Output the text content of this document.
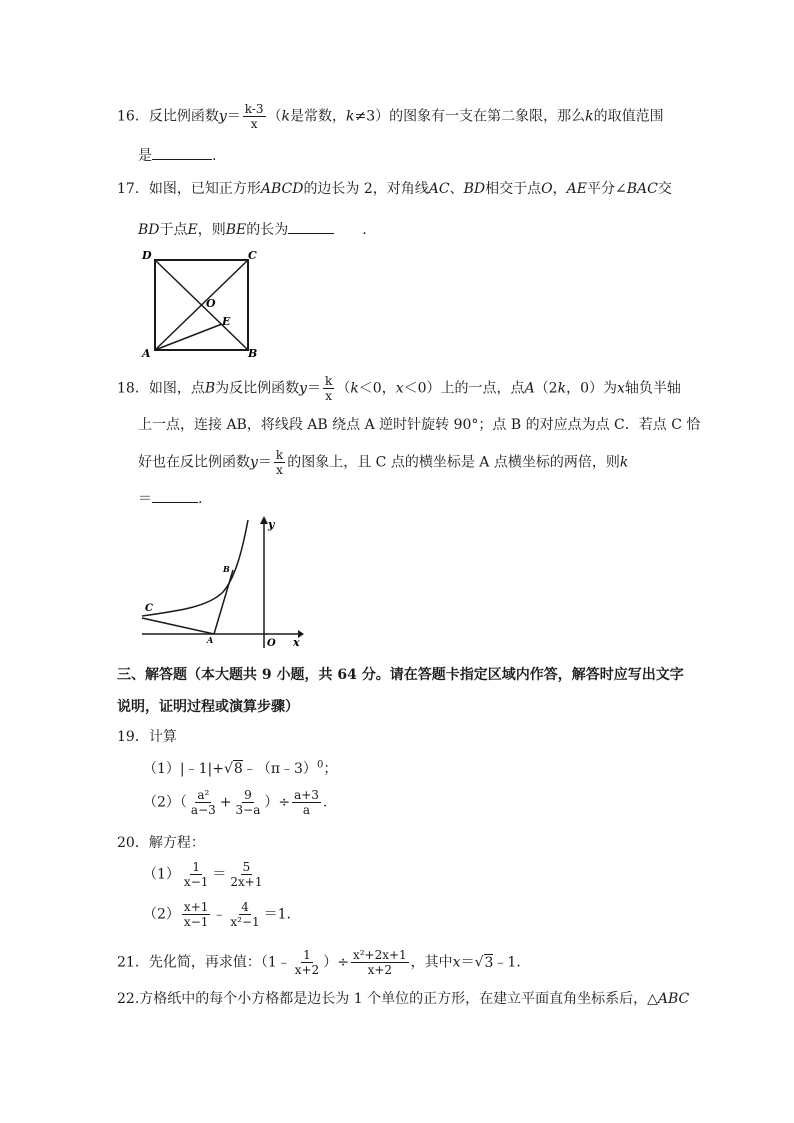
16．反比例函数$y= \frac{k-3}{x} (k$是常数，k≠3）的图象有一支在第二象限，那么k的取值范围
是	.
17．如图，已知正方形ABCD的边长为 2，对角线AC、BD相交于点O，AE平分∠BAC交
BD于点E，则BE的长为	.
D	C
A	B
O
E
18．如图，点B为反比例函数$y= \frac{k}{x} (k<0$，x＜0）上的一点，点A（2k，0）为x轴负半轴
上一点，连接 AB，将线段 AB 绕点 A 逆时针旋转 90°；点 B 的对应点为点 C．若点 C 恰
好也在反比例函数$y= \frac{k}{x}$ 的图象上，且 C 点的横坐标是 A 点横坐标的两倍，则k
＝	.
y
x
O
C
B
A
三、解答题（本大题共 9 小题，共 64 分。请在答题卡指定区域内作答，解答时应写出文字
说明，证明过程或演算步骤）
19．计算
（1）|﹣1|+√8﹣（π﹣3）$^0$；
$(2)( \frac{\text{a²}}{a-3} + \frac{9}{3-a}$ ）÷ $\frac{a+3}{a}$ .
20．解方程：
$(1) \frac{1}{x-1} = \frac{5}{2x+1}$
$(2) \frac{x+1}{x-1}$ ﹣ $\frac{4}{\text{x²−1}} =1$．
21．先化简，再求值：（1﹣ $\frac{1}{x+2}$ ）÷ $\frac{\text{x²+2x+1}}{x+2}$ ，其中x＝√3﹣1．
22.方格纸中的每个小方格都是边长为 1 个单位的正方形，在建立平面直角坐标系后，△ABC
